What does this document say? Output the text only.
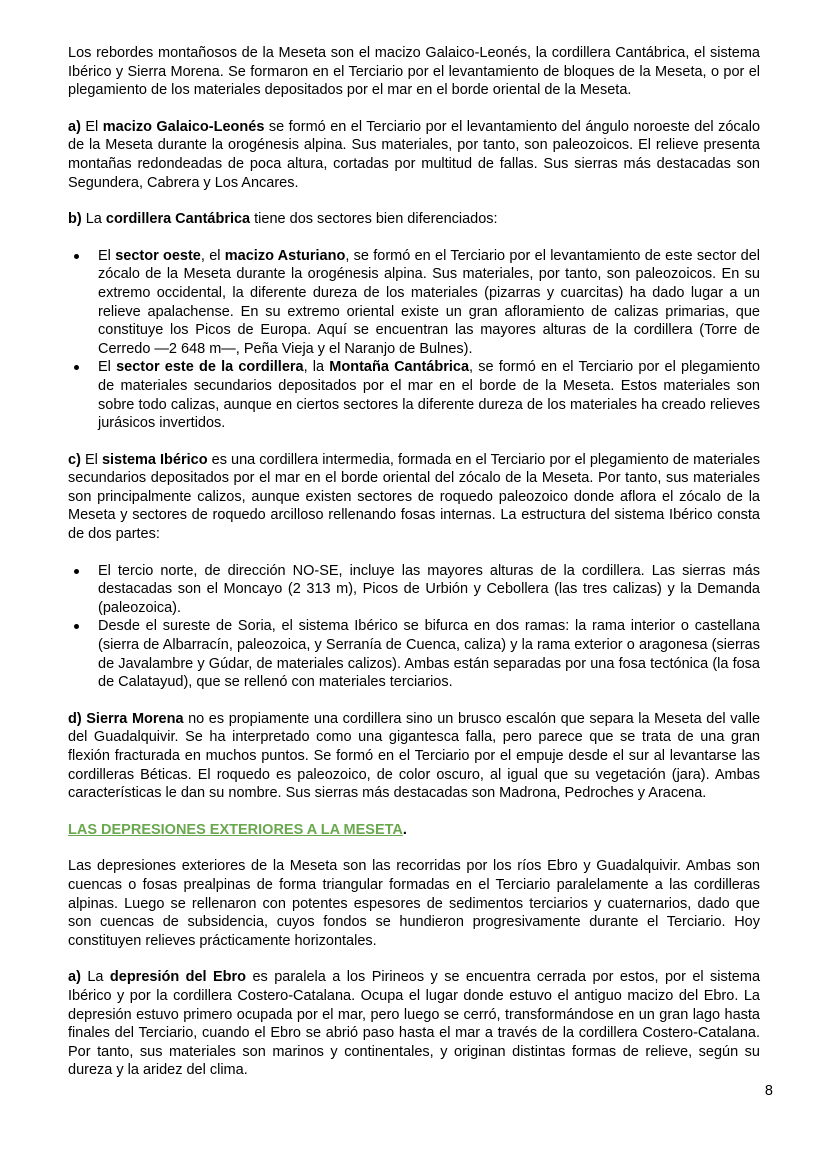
Los rebordes montañosos de la Meseta son el macizo Galaico-Leonés, la cordillera Cantábrica, el sistema Ibérico y Sierra Morena. Se formaron en el Terciario por el levantamiento de bloques de la Meseta, o por el plegamiento de los materiales depositados por el mar en el borde oriental de la Meseta.
a) El macizo Galaico-Leonés se formó en el Terciario por el levantamiento del ángulo noroeste del zócalo de la Meseta durante la orogénesis alpina. Sus materiales, por tanto, son paleozoicos. El relieve presenta montañas redondeadas de poca altura, cortadas por multitud de fallas. Sus sierras más destacadas son Segundera, Cabrera y Los Ancares.
b) La cordillera Cantábrica tiene dos sectores bien diferenciados:
El sector oeste, el macizo Asturiano, se formó en el Terciario por el levantamiento de este sector del zócalo de la Meseta durante la orogénesis alpina. Sus materiales, por tanto, son paleozoicos. En su extremo occidental, la diferente dureza de los materiales (pizarras y cuarcitas) ha dado lugar a un relieve apalachense. En su extremo oriental existe un gran afloramiento de calizas primarias, que constituye los Picos de Europa. Aquí se encuentran las mayores alturas de la cordillera (Torre de Cerredo —2 648 m—, Peña Vieja y el Naranjo de Bulnes).
El sector este de la cordillera, la Montaña Cantábrica, se formó en el Terciario por el plegamiento de materiales secundarios depositados por el mar en el borde de la Meseta. Estos materiales son sobre todo calizas, aunque en ciertos sectores la diferente dureza de los materiales ha creado relieves jurásicos invertidos.
c) El sistema Ibérico es una cordillera intermedia, formada en el Terciario por el plegamiento de materiales secundarios depositados por el mar en el borde oriental del zócalo de la Meseta. Por tanto, sus materiales son principalmente calizos, aunque existen sectores de roquedo paleozoico donde aflora el zócalo de la Meseta y sectores de roquedo arcilloso rellenando fosas internas. La estructura del sistema Ibérico consta de dos partes:
El tercio norte, de dirección NO-SE, incluye las mayores alturas de la cordillera. Las sierras más destacadas son el Moncayo (2 313 m), Picos de Urbión y Cebollera (las tres calizas) y la Demanda (paleozoica).
Desde el sureste de Soria, el sistema Ibérico se bifurca en dos ramas: la rama interior o castellana (sierra de Albarracín, paleozoica, y Serranía de Cuenca, caliza) y la rama exterior o aragonesa (sierras de Javalambre y Gúdar, de materiales calizos). Ambas están separadas por una fosa tectónica (la fosa de Calatayud), que se rellenó con materiales terciarios.
d) Sierra Morena no es propiamente una cordillera sino un brusco escalón que separa la Meseta del valle del Guadalquivir. Se ha interpretado como una gigantesca falla, pero parece que se trata de una gran flexión fracturada en muchos puntos. Se formó en el Terciario por el empuje desde el sur al levantarse las cordilleras Béticas. El roquedo es paleozoico, de color oscuro, al igual que su vegetación (jara). Ambas características le dan su nombre. Sus sierras más destacadas son Madrona, Pedroches y Aracena.
LAS DEPRESIONES EXTERIORES A LA MESETA.
Las depresiones exteriores de la Meseta son las recorridas por los ríos Ebro y Guadalquivir. Ambas son cuencas o fosas prealpinas de forma triangular formadas en el Terciario paralelamente a las cordilleras alpinas. Luego se rellenaron con potentes espesores de sedimentos terciarios y cuaternarios, dado que son cuencas de subsidencia, cuyos fondos se hundieron progresivamente durante el Terciario. Hoy constituyen relieves prácticamente horizontales.
a) La depresión del Ebro es paralela a los Pirineos y se encuentra cerrada por estos, por el sistema Ibérico y por la cordillera Costero-Catalana. Ocupa el lugar donde estuvo el antiguo macizo del Ebro. La depresión estuvo primero ocupada por el mar, pero luego se cerró, transformándose en un gran lago hasta finales del Terciario, cuando el Ebro se abrió paso hasta el mar a través de la cordillera Costero-Catalana. Por tanto, sus materiales son marinos y continentales, y originan distintas formas de relieve, según su dureza y la aridez del clima.
8
